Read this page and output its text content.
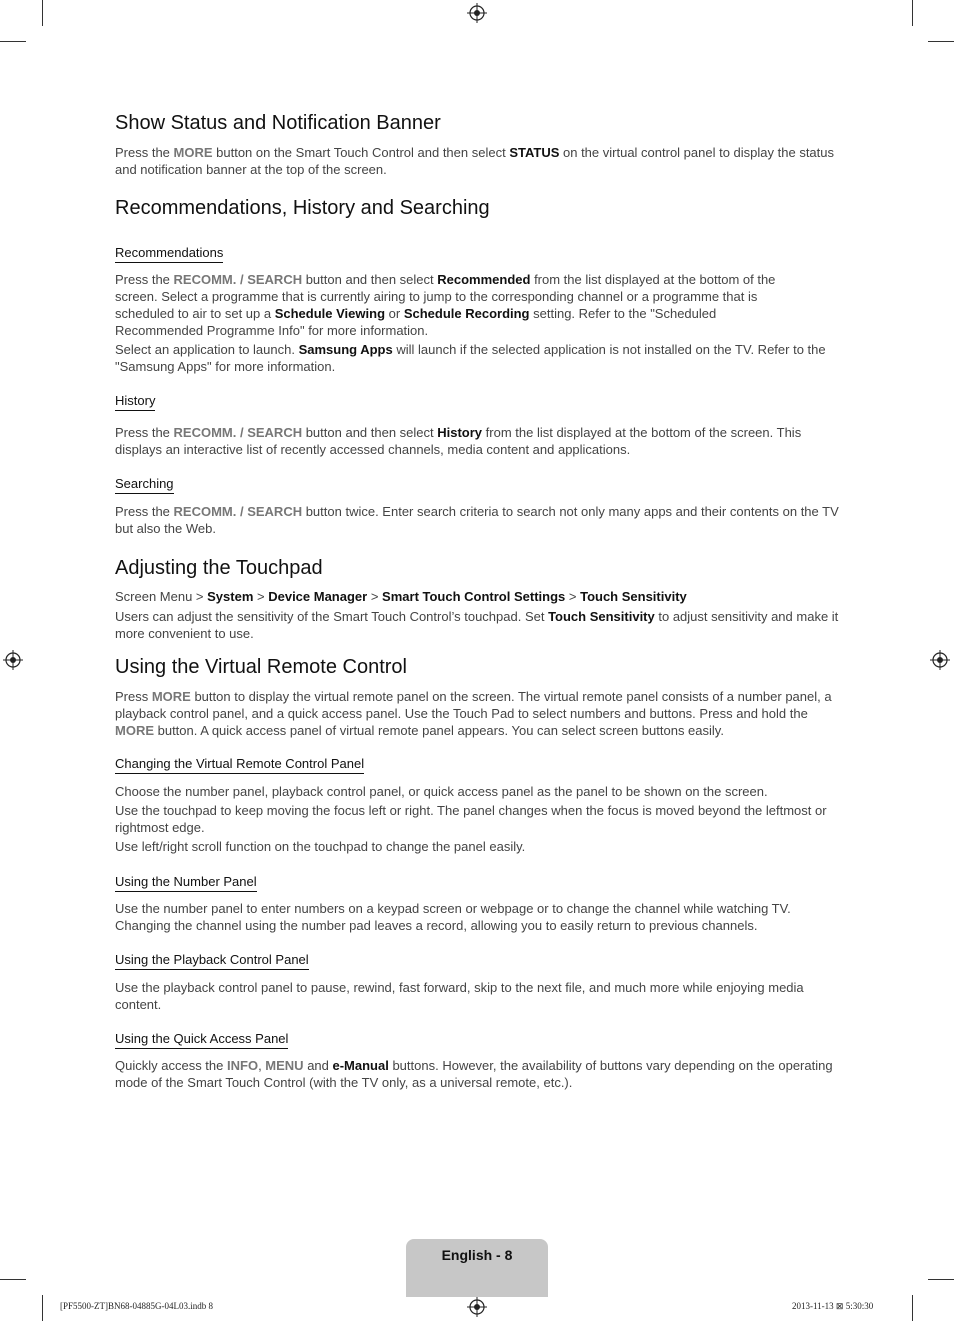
Show Status and Notification Banner

Press the MORE button on the Smart Touch Control and then select STATUS on the virtual control panel to display the status and notification banner at the top of the screen.

Recommendations, History and Searching
Recommendations

Press the RECOMM. / SEARCH button and then select Recommended from the list displayed at the bottom of the screen. Select a programme that is currently airing to jump to the corresponding channel or a programme that is scheduled to air to set up a Schedule Viewing or Schedule Recording setting. Refer to the "Scheduled Recommended Programme Info" for more information.

Select an application to launch. Samsung Apps will launch if the selected application is not installed on the TV. Refer to the "Samsung Apps" for more information.

History

Press the RECOMM. / SEARCH button and then select History from the list displayed at the bottom of the screen. This displays an interactive list of recently accessed channels, media content and applications.

Searching

Press the RECOMM. / SEARCH button twice. Enter search criteria to search not only many apps and their contents on the TV but also the Web.

Adjusting the Touchpad

Screen Menu > System > Device Manager > Smart Touch Control Settings > Touch Sensitivity

Users can adjust the sensitivity of the Smart Touch Control’s touchpad. Set Touch Sensitivity to adjust sensitivity and make it more convenient to use.

Using the Virtual Remote Control

Press MORE button to display the virtual remote panel on the screen. The virtual remote panel consists of a number panel, a playback control panel, and a quick access panel. Use the Touch Pad to select numbers and buttons. Press and hold the MORE button. A quick access panel of virtual remote panel appears. You can select screen buttons easily.

Changing the Virtual Remote Control Panel

Choose the number panel, playback control panel, or quick access panel as the panel to be shown on the screen.

Use the touchpad to keep moving the focus left or right. The panel changes when the focus is moved beyond the leftmost or rightmost edge.

Use left/right scroll function on the touchpad to change the panel easily.

Using the Number Panel

Use the number panel to enter numbers on a keypad screen or webpage or to change the channel while watching TV. Changing the channel using the number pad leaves a record, allowing you to easily return to previous channels.

Using the Playback Control Panel

Use the playback control panel to pause, rewind, fast forward, skip to the next file, and much more while enjoying media content.

Using the Quick Access Panel

Quickly access the INFO, MENU and e-Manual buttons. However, the availability of buttons vary depending on the operating mode of the Smart Touch Control (with the TV only, as a universal remote, etc.).

English - 8
[PF5500-ZT]BN68-04885G-04L03.indb 8	2013-11-13 ⊠ 5:30:30
